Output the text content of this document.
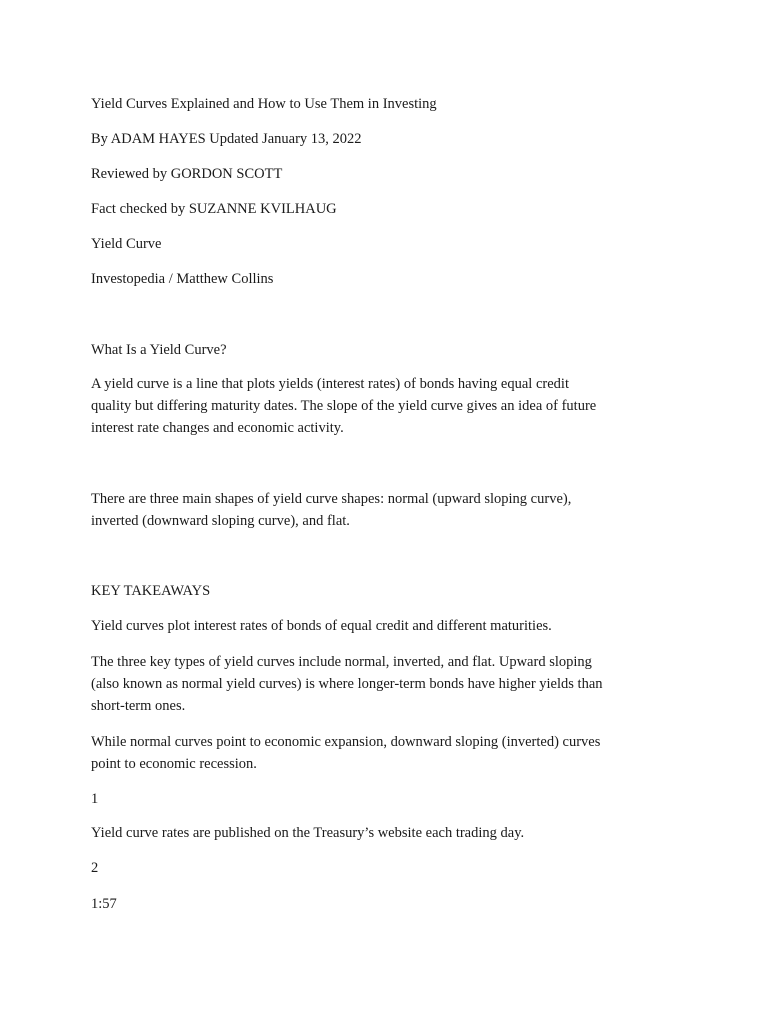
Yield Curves Explained and How to Use Them in Investing

By ADAM HAYES Updated January 13, 2022

Reviewed by GORDON SCOTT

Fact checked by SUZANNE KVILHAUG

Yield Curve

Investopedia / Matthew Collins

What Is a Yield Curve?

A yield curve is a line that plots yields (interest rates) of bonds having equal credit
quality but differing maturity dates. The slope of the yield curve gives an idea of future
interest rate changes and economic activity.
There are three main shapes of yield curve shapes: normal (upward sloping curve),
inverted (downward sloping curve), and flat.

KEY TAKEAWAYS

Yield curves plot interest rates of bonds of equal credit and different maturities.

The three key types of yield curves include normal, inverted, and flat. Upward sloping
(also known as normal yield curves) is where longer-term bonds have higher yields than
short-term ones.
While normal curves point to economic expansion, downward sloping (inverted) curves
point to economic recession.

1

Yield curve rates are published on the Treasury’s website each trading day.

2

1:57
